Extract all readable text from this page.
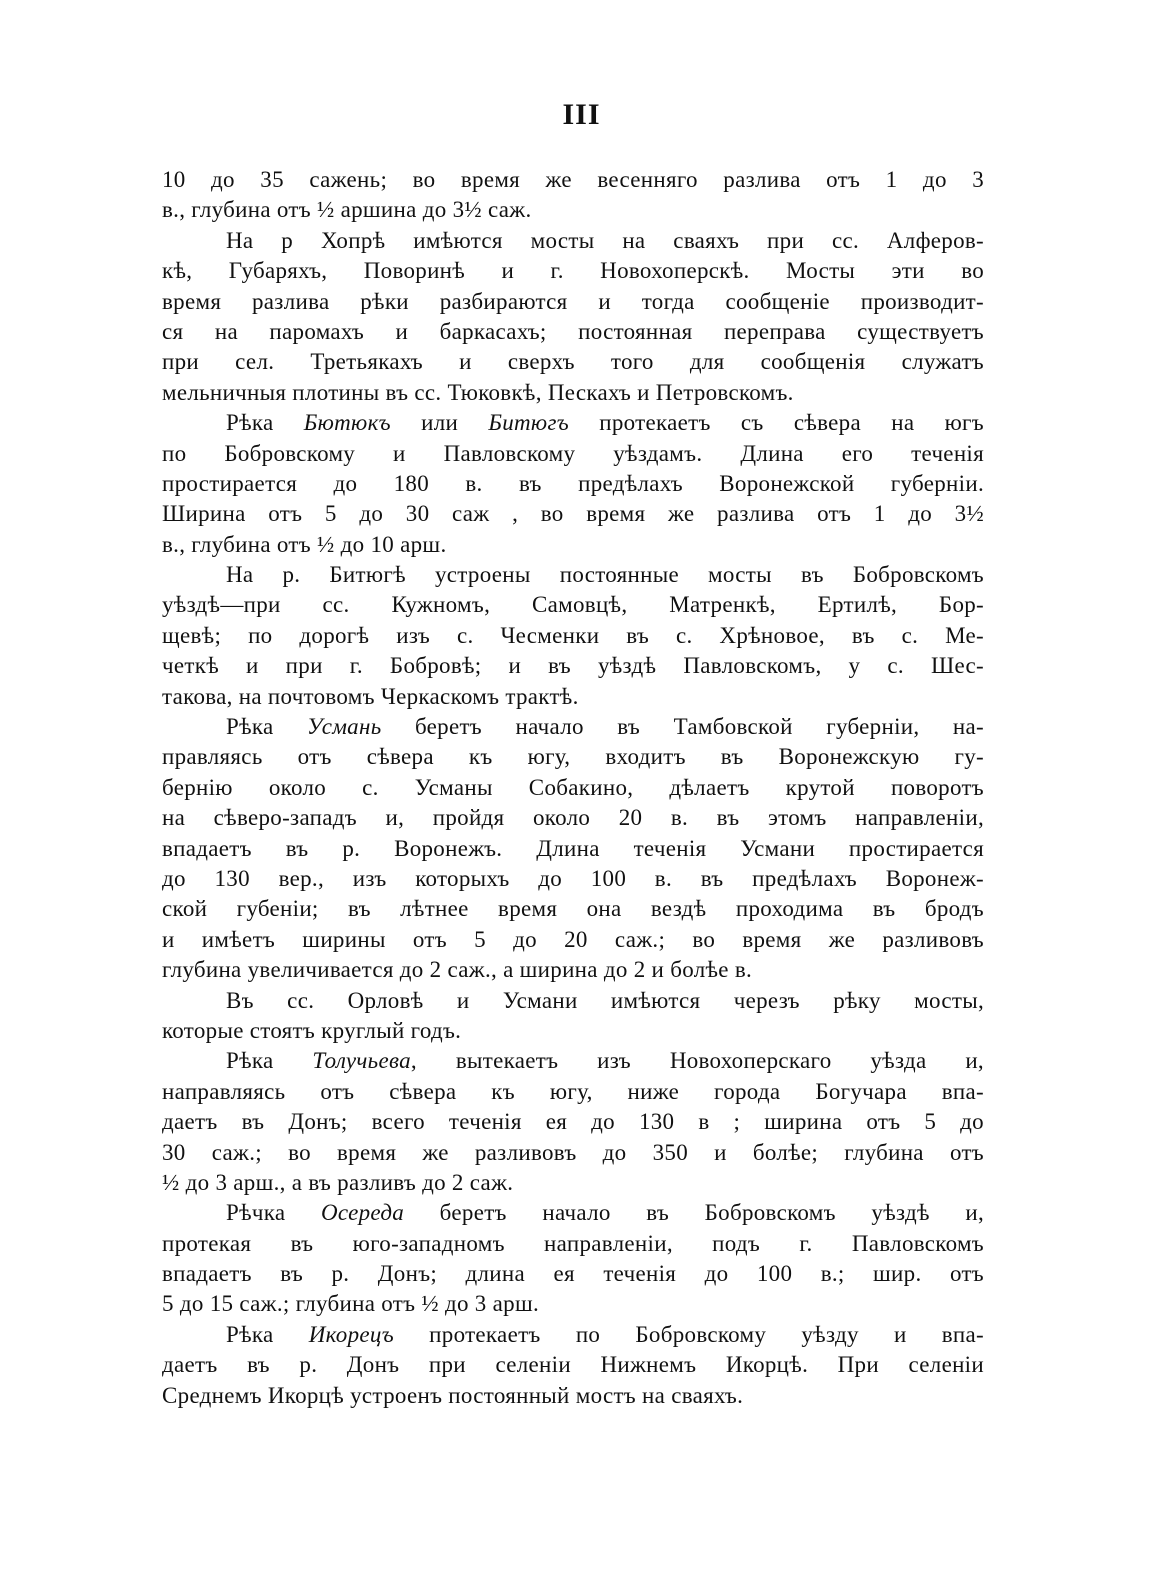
III
10 до 35 сажень; во время же весенняго разлива отъ 1 до 3
в., глубина отъ ½ аршина до 3½ саж.
На р Хопрѣ имѣются мосты на сваяхъ при сс. Алферов-
кѣ, Губаряхъ, Поворинѣ и г. Новохоперскѣ. Мосты эти во
время разлива рѣки разбираются и тогда сообщеніе производит-
ся на паромахъ и баркасахъ; постоянная переправа существуетъ
при сел. Третьякахъ и сверхъ того для сообщенія служатъ
мельничныя плотины въ сс. Тюковкѣ, Пескахъ и Петровскомъ.
Рѣка Бютюкъ или Битюгъ протекаетъ съ сѣвера на югъ
по Бобровскому и Павловскому уѣздамъ. Длина его теченія
простирается до 180 в. въ предѣлахъ Воронежской губерніи.
Ширина отъ 5 до 30 саж , во время же разлива отъ 1 до 3½
в., глубина отъ ½ до 10 арш.
На р. Битюгѣ устроены постоянные мосты въ Бобровскомъ
уѣздѣ—при сс. Кужномъ, Самовцѣ, Матренкѣ, Ертилѣ, Бор-
щевѣ; по дорогѣ изъ с. Чесменки въ с. Хрѣновое, въ с. Ме-
четкѣ и при г. Бобровѣ; и въ уѣздѣ Павловскомъ, у с. Шес-
такова, на почтовомъ Черкаскомъ трактѣ.
Рѣка Усмань беретъ начало въ Тамбовской губерніи, на-
правляясь отъ сѣвера къ югу, входитъ въ Воронежскую гу-
бернію около с. Усманы Собакино, дѣлаетъ крутой поворотъ
на сѣверо-западъ и, пройдя около 20 в. въ этомъ направленіи,
впадаетъ въ р. Воронежъ. Длина теченія Усмани простирается
до 130 вер., изъ которыхъ до 100 в. въ предѣлахъ Воронеж-
ской губеніи; въ лѣтнее время она вездѣ проходима въ бродъ
и имѣетъ ширины отъ 5 до 20 саж.; во время же разливовъ
глубина увеличивается до 2 саж., а ширина до 2 и болѣе в.
Въ сс. Орловѣ и Усмани имѣются черезъ рѣку мосты,
которые стоятъ круглый годъ.
Рѣка Толучьева, вытекаетъ изъ Новохоперскаго уѣзда и,
направляясь отъ сѣвера къ югу, ниже города Богучара впа-
даетъ въ Донъ; всего теченія ея до 130 в ; ширина отъ 5 до
30 саж.; во время же разливовъ до 350 и болѣе; глубина отъ
½ до 3 арш., а въ разливъ до 2 саж.
Рѣчка Осереда беретъ начало въ Бобровскомъ уѣздѣ и,
протекая въ юго-западномъ направленіи, подъ г. Павловскомъ
впадаетъ въ р. Донъ; длина ея теченія до 100 в.; шир. отъ
5 до 15 саж.; глубина отъ ½ до 3 арш.
Рѣка Икорецъ протекаетъ по Бобровскому уѣзду и впа-
даетъ въ р. Донъ при селеніи Нижнемъ Икорцѣ. При селеніи
Среднемъ Икорцѣ устроенъ постоянный мостъ на сваяхъ.
